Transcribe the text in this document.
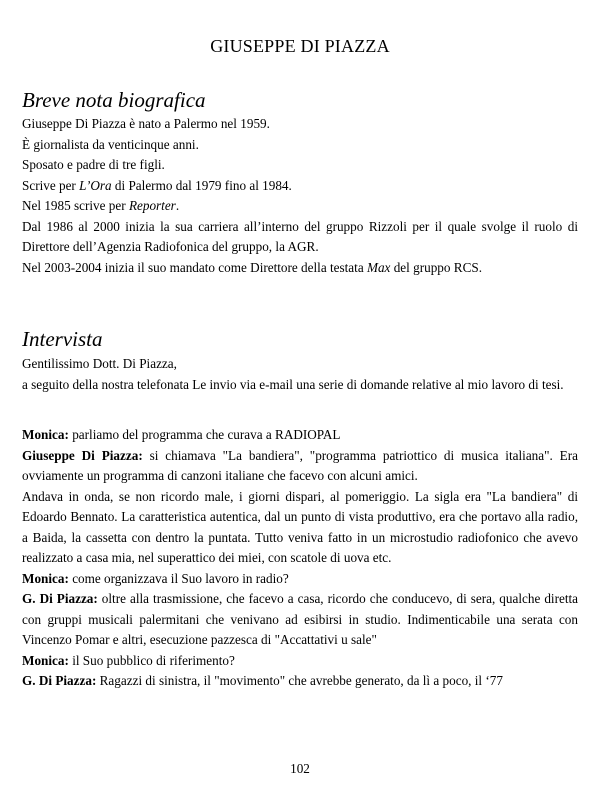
GIUSEPPE DI PIAZZA
Breve nota biografica

Giuseppe Di Piazza è nato a Palermo nel 1959.

È giornalista da venticinque anni.

Sposato e padre di tre figli.

Scrive per L’Ora di Palermo dal 1979 fino al 1984.

Nel 1985 scrive per Reporter.

Dal 1986 al 2000 inizia la sua carriera all’interno del gruppo Rizzoli per il quale svolge il ruolo di Direttore dell’Agenzia Radiofonica del gruppo, la AGR.

Nel 2003-2004 inizia il suo mandato come Direttore della testata Max del gruppo RCS.

Intervista

Gentilissimo Dott. Di Piazza,

a seguito della nostra telefonata Le invio via e-mail una serie di domande relative al mio lavoro di tesi.

Monica: parliamo del programma che curava a RADIOPAL

Giuseppe Di Piazza: si chiamava "La bandiera", "programma patriottico di musica italiana". Era ovviamente un programma di canzoni italiane che facevo con alcuni amici.

Andava in onda, se non ricordo male, i giorni dispari, al pomeriggio. La sigla era "La bandiera" di Edoardo Bennato. La caratteristica autentica, dal un punto di vista produttivo, era che portavo alla radio, a Baida, la cassetta con dentro la puntata. Tutto veniva fatto in un microstudio radiofonico che avevo realizzato a casa mia, nel superattico dei miei, con scatole di uova etc.

Monica: come organizzava il Suo lavoro in radio?

G. Di Piazza: oltre alla trasmissione, che facevo a casa, ricordo che conducevo, di sera, qualche diretta con gruppi musicali palermitani che venivano ad esibirsi in studio. Indimenticabile una serata con Vincenzo Pomar e altri, esecuzione pazzesca di "Accattativi u sale"

Monica: il Suo pubblico di riferimento?

G. Di Piazza: Ragazzi di sinistra, il "movimento" che avrebbe generato, da lì a poco, il ‘77

102
